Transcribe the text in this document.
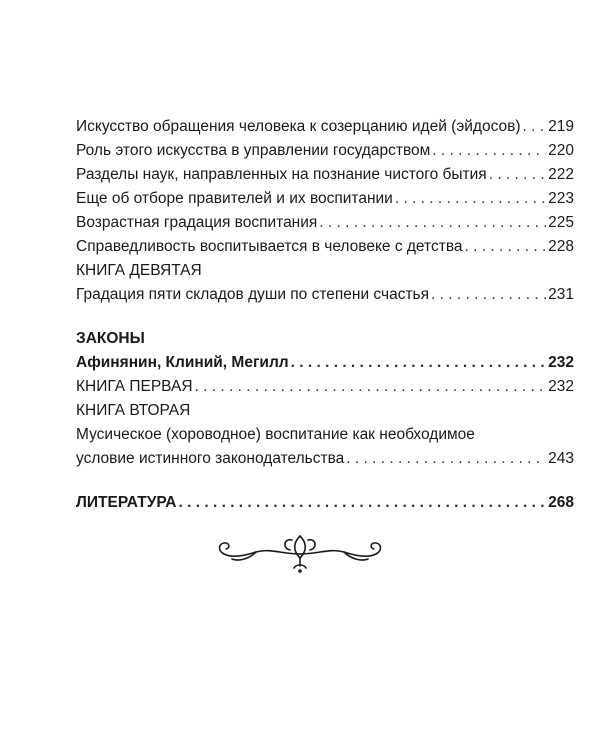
Искусство обращения человека к созерцанию идей (эйдосов) . . . 219
Роль этого искусства в управлении государством . . .	220
Разделы наук, направленных на познание чистого бытия . . .	222
Еще об отборе правителей и их воспитании . . .	223
Возрастная градация воспитания . . .	225
Справедливость воспитывается в человеке с детства . . .	228
КНИГА ДЕВЯТАЯ
Градация пяти складов души по степени счастья . . .	231
ЗАКОНЫ
Афинянин, Клиний, Мегилл . . .	232
КНИГА ПЕРВАЯ . . .	232
КНИГА ВТОРАЯ
Мусическое (хороводное) воспитание как необходимое
условие истинного законодательства . . .	243
ЛИТЕРАТУРА . . .	268
